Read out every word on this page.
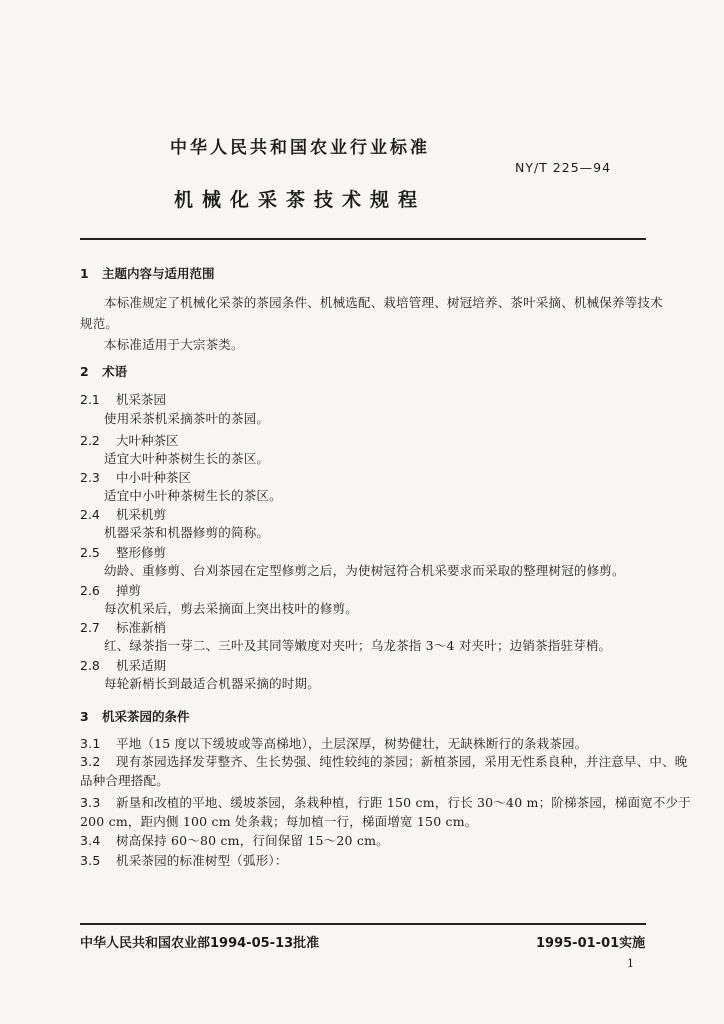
中华人民共和国农业行业标准
NY/T 225—94
机械化采茶技术规程
1 主题内容与适用范围
本标准规定了机械化采茶的茶园条件、机械选配、栽培管理、树冠培养、茶叶采摘、机械保养等技术
规范。
本标准适用于大宗茶类。
2 术语
2.1 机采茶园
使用采茶机采摘茶叶的茶园。
2.2 大叶种茶区
适宜大叶种茶树生长的茶区。
2.3 中小叶种茶区
适宜中小叶种茶树生长的茶区。
2.4 机采机剪
机器采茶和机器修剪的简称。
2.5 整形修剪
幼龄、重修剪、台刈茶园在定型修剪之后，为使树冠符合机采要求而采取的整理树冠的修剪。
2.6 掸剪
每次机采后，剪去采摘面上突出枝叶的修剪。
2.7 标准新梢
红、绿茶指一芽二、三叶及其同等嫩度对夹叶；乌龙茶指 3～4 对夹叶；边销茶指驻芽梢。
2.8 机采适期
每轮新梢长到最适合机器采摘的时期。
3 机采茶园的条件
3.1 平地（15 度以下缓坡或等高梯地），土层深厚，树势健壮，无缺株断行的条栽茶园。
3.2 现有茶园选择发芽整齐、生长势强、纯性较纯的茶园；新植茶园，采用无性系良种，并注意早、中、晚
品种合理搭配。
3.3 新垦和改植的平地、缓坡茶园，条栽种植，行距 150 cm，行长 30～40 m；阶梯茶园，梯面宽不少于
200 cm，距内侧 100 cm 处条栽；每加植一行，梯面增宽 150 cm。
3.4 树高保持 60～80 cm，行间保留 15～20 cm。
3.5 机采茶园的标准树型（弧形）：
中华人民共和国农业部1994-05-13批准	1995-01-01实施
1
